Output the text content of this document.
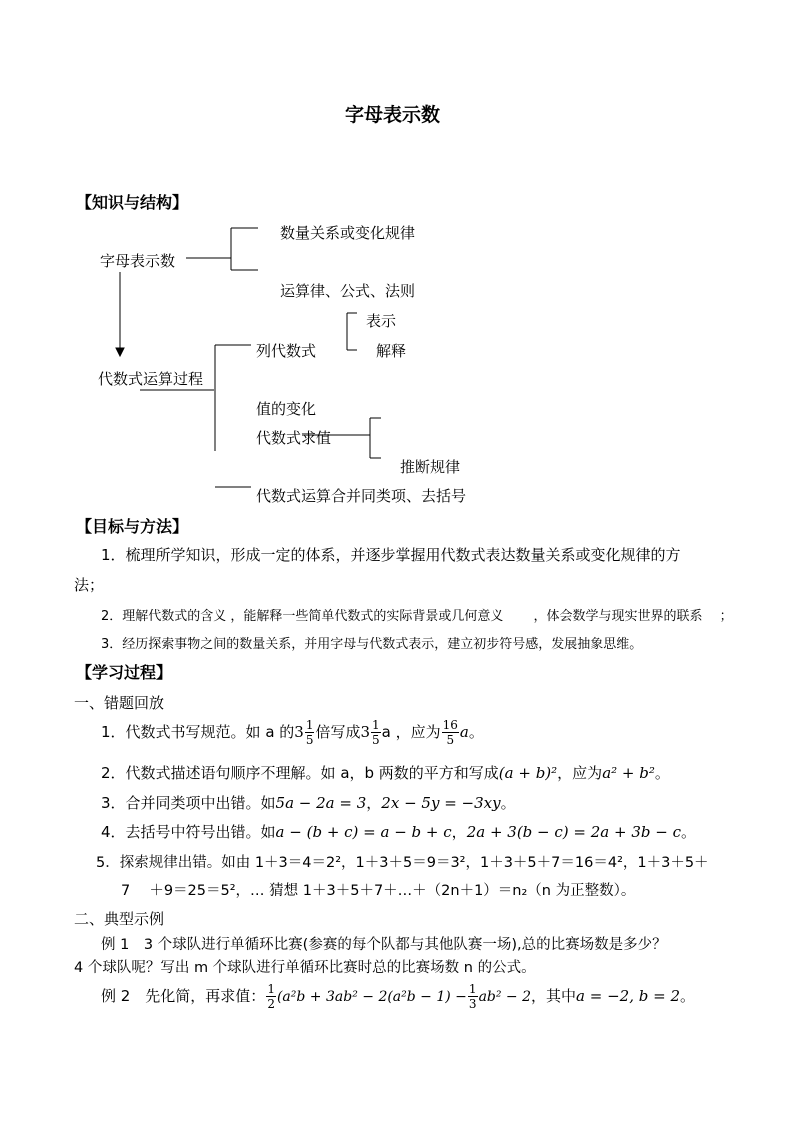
字母表示数
【知识与结构】
字母表示数
数量关系或变化规律
运算律、公式、法则
代数式运算过程
列代数式
表示
解释
值的变化
代数式求值
推断规律
代数式运算合并同类项、去括号
【目标与方法】
1．梳理所学知识，形成一定的体系，并逐步掌握用代数式表达数量关系或变化规律的方
法；
2．理解代数式的含义 ，能解释一些简单代数式的实际背景或几何意义 　　，体会数学与现实世界的联系 　；
3．经历探索事物之间的数量关系，并用字母与代数式表示，建立初步符号感，发展抽象思维。
【学习过程】
一、错题回放
1．代数式书写规范。如 a 的$3 \frac{1}{5}$ 倍写成$3 \frac{1}{5}$ a ，应为 $\frac{16}{5}$ a。
2．代数式描述语句顺序不理解。如 a，b 两数的平方和写成(a + b)²，应为a² + b²。
3．合并同类项中出错。如5a − 2a = 3，2x − 5y = −3xy。
4．去括号中符号出错。如a − (b + c) = a − b + c，2a + 3(b − c) = 2a + 3b − c。
5．探索规律出错。如由 1＋3＝4＝2²，1＋3＋5＝9＝3²，1＋3＋5＋7＝16＝4²，1＋3＋5＋
7　 ＋9＝25＝5²，… 猜想 1＋3＋5＋7＋…＋（2n＋1）＝n₂（n 为正整数）。
二、典型示例
例 1　3 个球队进行单循环比赛(参赛的每个队都与其他队赛一场),总的比赛场数是多少？
4 个球队呢？写出 m 个球队进行单循环比赛时总的比赛场数 n 的公式。
例 2　先化简，再求值： $\frac{1}{2} (a^2b + 3ab^2 - 2(a^2b - 1) - \frac{1}{3} ab^2 - 2$，其中a = −2, b = 2。
